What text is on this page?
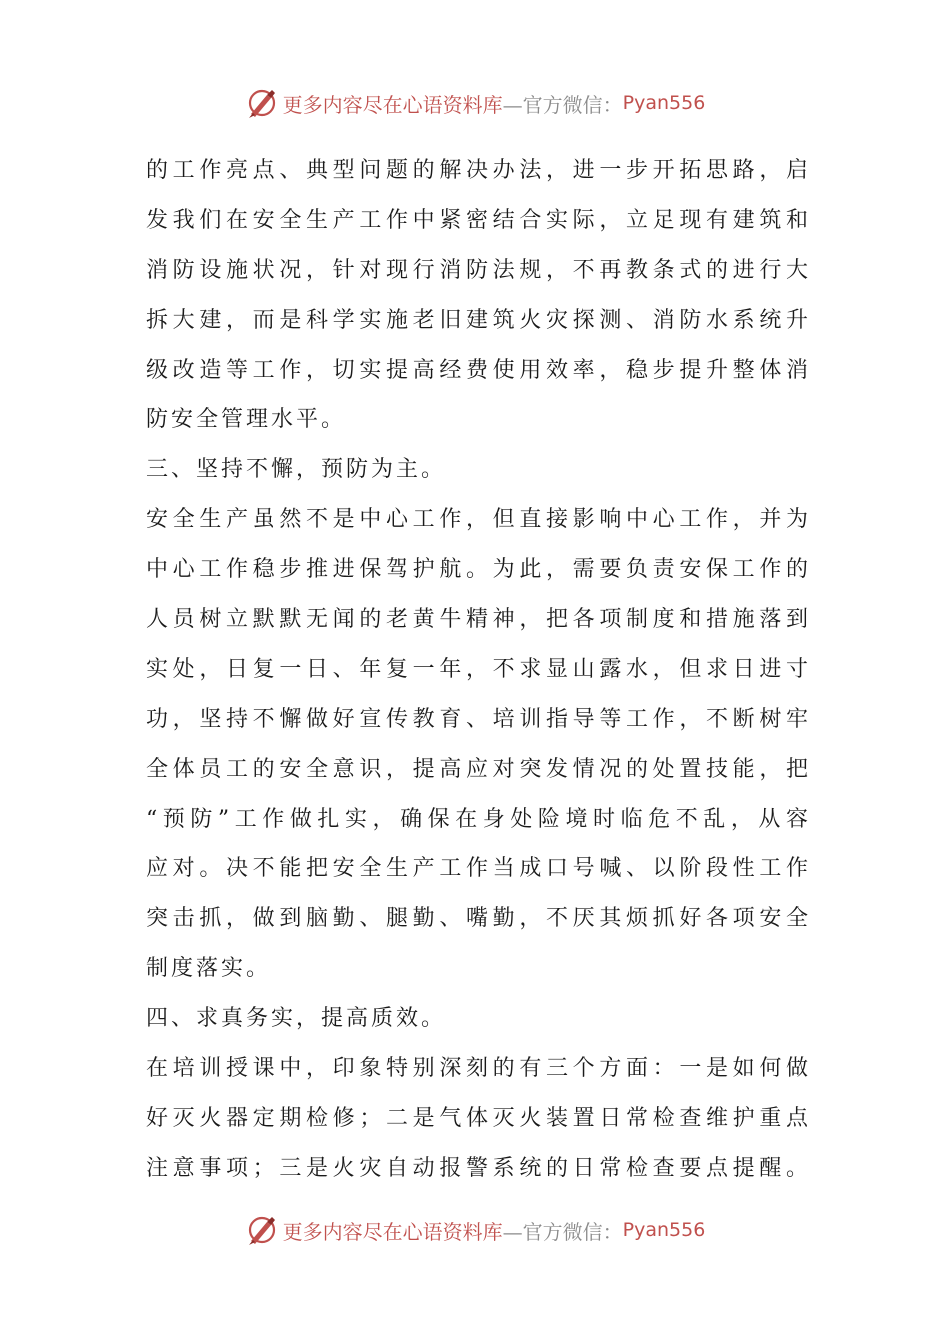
更多内容尽在心语资料库 —官方微信： Pyan556
的工作亮点、典型问题的解决办法，进一步开拓思路，启
发我们在安全生产工作中紧密结合实际，立足现有建筑和
消防设施状况，针对现行消防法规，不再教条式的进行大
拆大建，而是科学实施老旧建筑火灾探测、消防水系统升
级改造等工作，切实提高经费使用效率，稳步提升整体消
防安全管理水平。
三、坚持不懈，预防为主。
安全生产虽然不是中心工作，但直接影响中心工作，并为
中心工作稳步推进保驾护航。为此，需要负责安保工作的
人员树立默默无闻的老黄牛精神，把各项制度和措施落到
实处，日复一日、年复一年，不求显山露水，但求日进寸
功，坚持不懈做好宣传教育、培训指导等工作，不断树牢
全体员工的安全意识，提高应对突发情况的处置技能，把
“预防”工作做扎实，确保在身处险境时临危不乱，从容
应对。决不能把安全生产工作当成口号喊、以阶段性工作
突击抓，做到脑勤、腿勤、嘴勤，不厌其烦抓好各项安全
制度落实。
四、求真务实，提高质效。
在培训授课中，印象特别深刻的有三个方面：一是如何做
好灭火器定期检修；二是气体灭火装置日常检查维护重点
注意事项；三是火灾自动报警系统的日常检查要点提醒。
更多内容尽在心语资料库 —官方微信： Pyan556
